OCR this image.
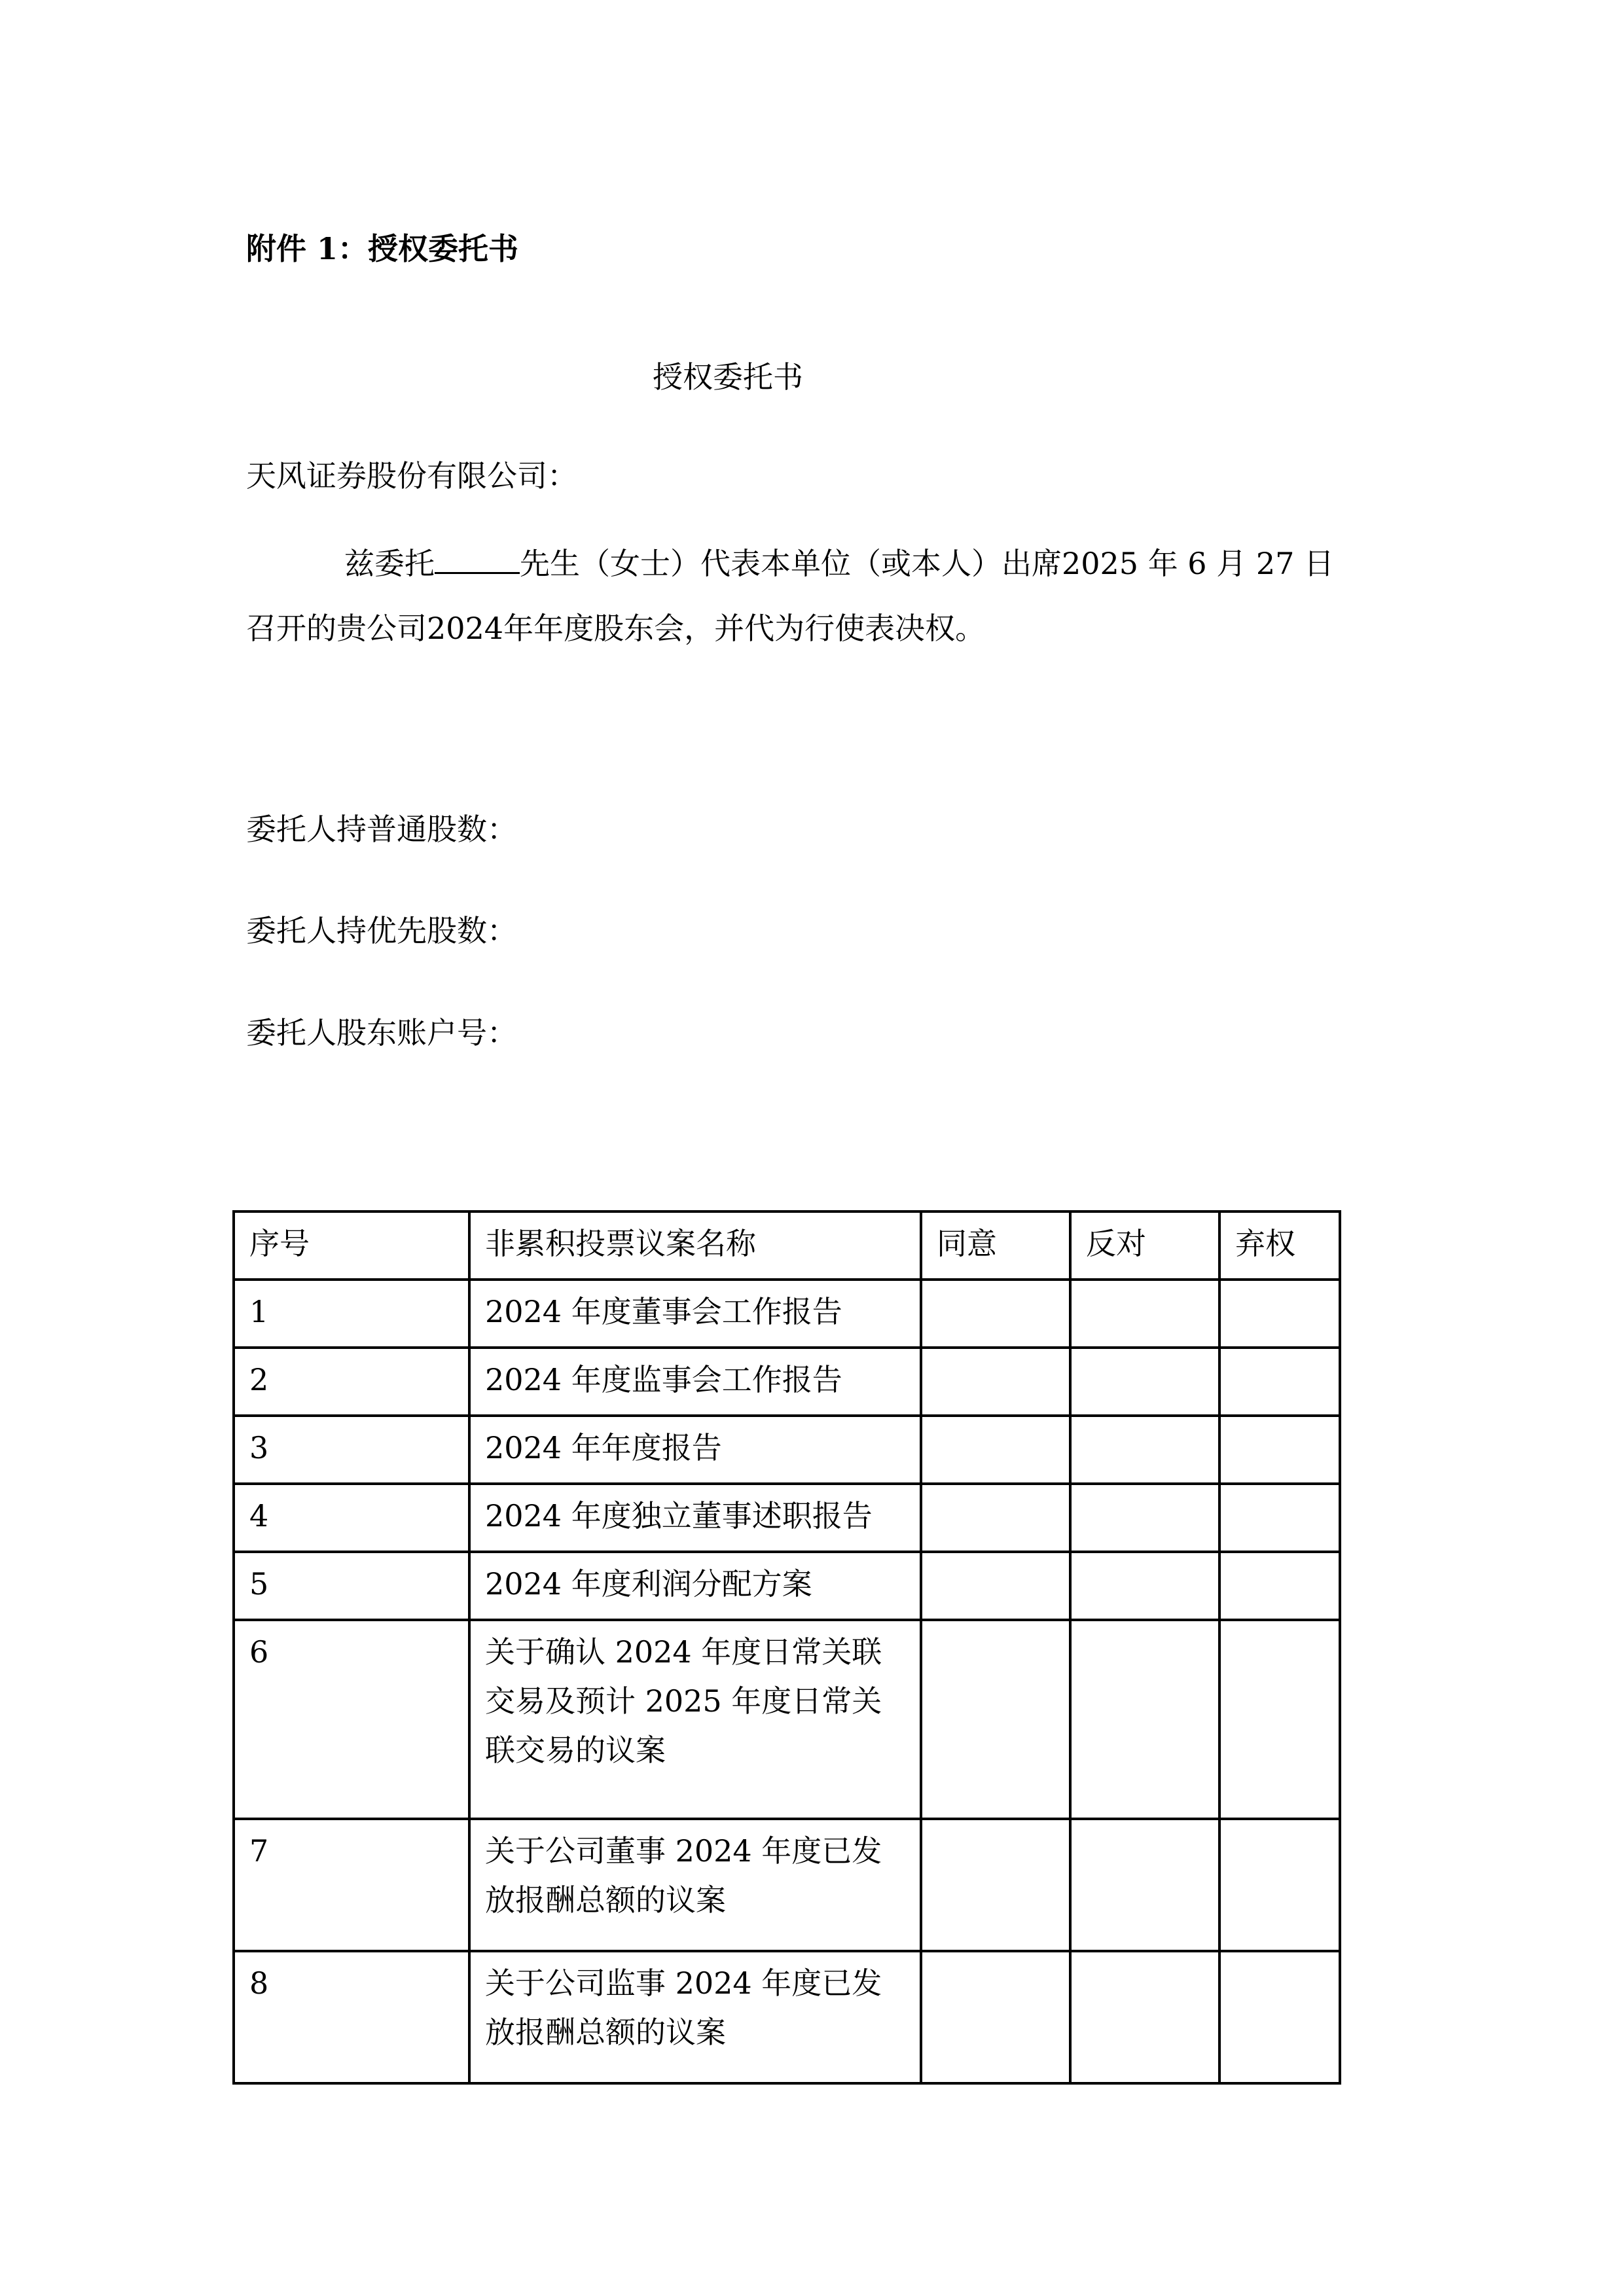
附件 1：授权委托书
授权委托书
天风证券股份有限公司：
兹委托	先生（女士）代表本单位（或本人）出席2025 年 6 月 27 日
召开的贵公司2024年年度股东会，并代为行使表决权。
委托人持普通股数：
委托人持优先股数：
委托人股东账户号：
序号	非累积投票议案名称	同意	反对	弃权
1	2024 年度董事会工作报告			
2	2024 年度监事会工作报告			
3	2024 年年度报告			
4	2024 年度独立董事述职报告			
5	2024 年度利润分配方案			
6	关于确认 2024 年度日常关联交易及预计 2025 年度日常关联交易的议案			
7	关于公司董事 2024 年度已发放报酬总额的议案			
8	关于公司监事 2024 年度已发放报酬总额的议案			
